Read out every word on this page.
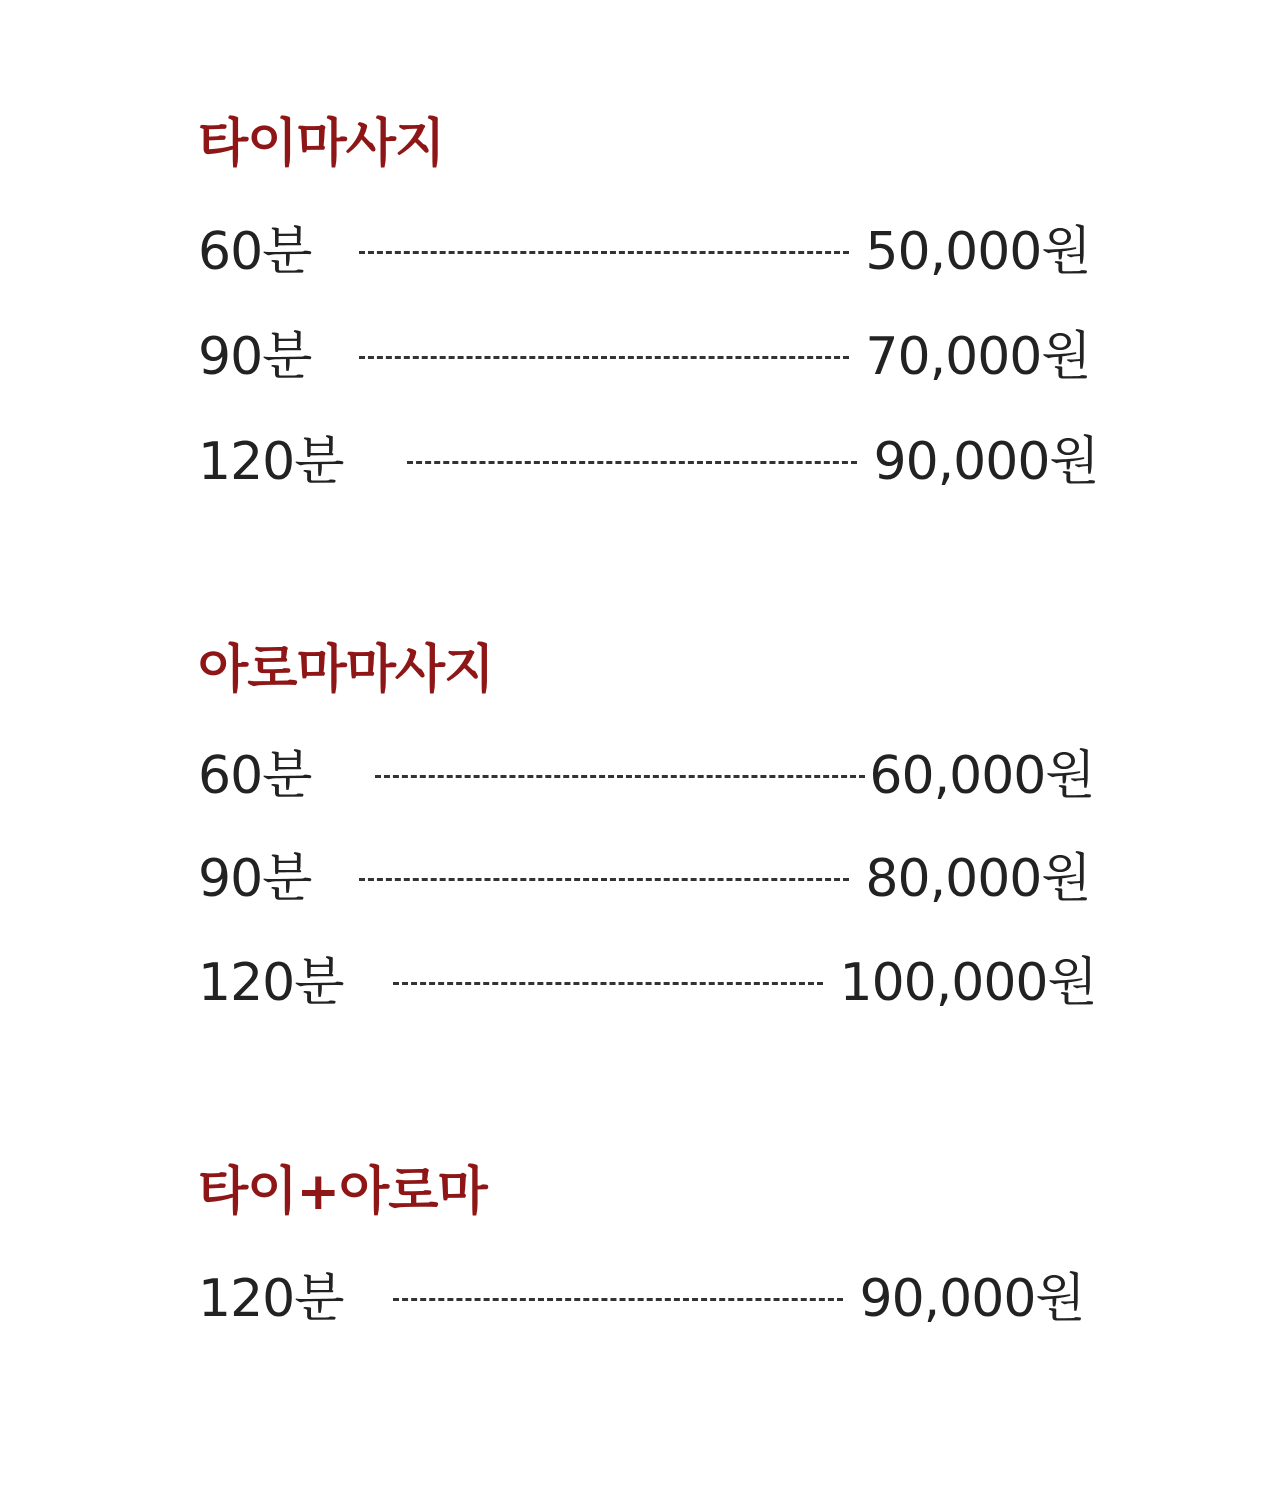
타이마사지
60분	50,000원
90분	70,000원
120분	90,000원
아로마마사지
60분	60,000원
90분	80,000원
120분	100,000원
타이+아로마
120분	90,000원
